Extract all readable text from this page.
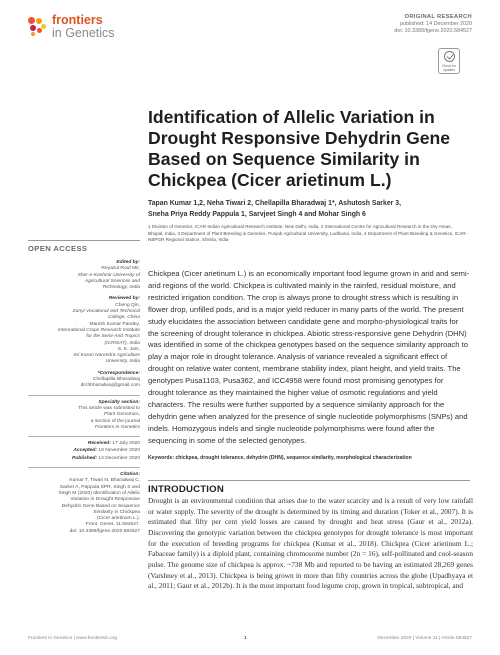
frontiers
in Genetics
ORIGINAL RESEARCH
published: 14 December 2020
doi: 10.3389/fgene.2020.584527
Check for updates
Identification of Allelic Variation in Drought Responsive Dehydrin Gene Based on Sequence Similarity in Chickpea (Cicer arietinum L.)
Tapan Kumar 1,2, Neha Tiwari 2, Chellapilla Bharadwaj 1*, Ashutosh Sarker 3,
Sneha Priya Reddy Pappula 1, Sarvjeet Singh 4 and Mohar Singh 6
1 Division of Genetics, ICAR-Indian Agricultural Research Institute, New Delhi, India, 2 International Centre for Agricultural Research in the Dry Areas, Bhopal, India, 3 Department of Plant Breeding & Genetics, Punjab Agricultural University, Ludhiana, India, 4 Department of Plant Breeding & Genetics, ICAR-NBPGR Regional Station, Shimla, India
OPEN ACCESS
Edited by:
Reyazul Rouf Mir,
Sher-e-Kashmir University of
Agricultural Sciences and
Technology, India
Reviewed by:
Cheng Qin,
Zunyi Vocational and Technical
College, China
Manish Kumar Pandey,
International Crops Research Institute
for the Semi-Arid Tropics
(ICRISAT), India
S. K. Jain,
Sri Karan Narendra Agriculture
University, India
*Correspondence:
Chellapilla Bharadwaj
drchbharadwaj@gmail.com
Specialty section:
This article was submitted to
Plant Genomics,
a section of the journal
Frontiers in Genetics
Received: 17 July 2020
Accepted: 18 November 2020
Published: 14 December 2020
Citation:
Kumar T, Tiwari N, Bharadwaj C,
Sarker A, Pappula SPR, Singh S and
Singh M (2020) Identification of Allelic
Variation in Drought Responsive
Dehydrin Gene Based on Sequence
Similarity in Chickpea
(Cicer arietinum L.).
Front. Genet. 11:584527.
doi: 10.3389/fgene.2020.584527

Chickpea (Cicer arietinum L.) is an economically important food legume grown in arid and semi-arid regions of the world. Chickpea is cultivated mainly in the rainfed, residual moisture, and restricted irrigation condition. The crop is always prone to drought stress which is resulting in flower drop, unfilled pods, and is a major yield reducer in many parts of the world. The present study elucidates the association between candidate gene and morpho-physiological traits for the screening of drought tolerance in chickpea. Abiotic stress-responsive gene Dehydrin (DHN) was identified in some of the chickpea genotypes based on the sequence similarity approach to play a major role in drought tolerance. Analysis of variance revealed a significant effect of drought on relative water content, membrane stability index, plant height, and yield traits. The genotypes Pusa1103, Pusa362, and ICC4958 were found most promising genotypes for drought tolerance as they maintained the higher value of osmotic regulations and yield characters. The results were further supported by a sequence similarity approach for the dehydrin gene when analyzed for the presence of single nucleotide polymorphisms (SNPs) and indels. Homozygous indels and single nucleotide polymorphisms were found after the sequencing in some of the selected genotypes.

Keywords: chickpea, drought tolerance, dehydrin (DHN), sequence similarity, morphological characterization
INTRODUCTION

Drought is an environmental condition that arises due to the water scarcity and is a result of very low rainfall or water supply. The severity of the drought is determined by its timing and duration (Toker et al., 2007). It is estimated that fifty per cent yield losses are caused by drought and heat stress (Gaur et al., 2012a). Discovering the genotypic variation between the chickpea genotypes for drought tolerance is most important for the execution of breeding programs for chickpea (Kumar et al., 2018). Chickpea (Cicer arietinum L.; Fabaceae family) is a diploid plant, containing chromosome number (2n = 16), self-pollinated and cool-season pulse. The genome size of chickpea is approx. ~738 Mb and reported to be having an estimated 28,269 genes (Varshney et al., 2013). Chickpea is being grown in more than fifty countries across the globe (Upadhyaya et al., 2011; Gaur et al., 2012b). It is the most important food legume crop, grown in tropical, subtropical, and

Frontiers in Genetics | www.frontiersin.org	1	December 2020 | Volume 11 | Article 584527
